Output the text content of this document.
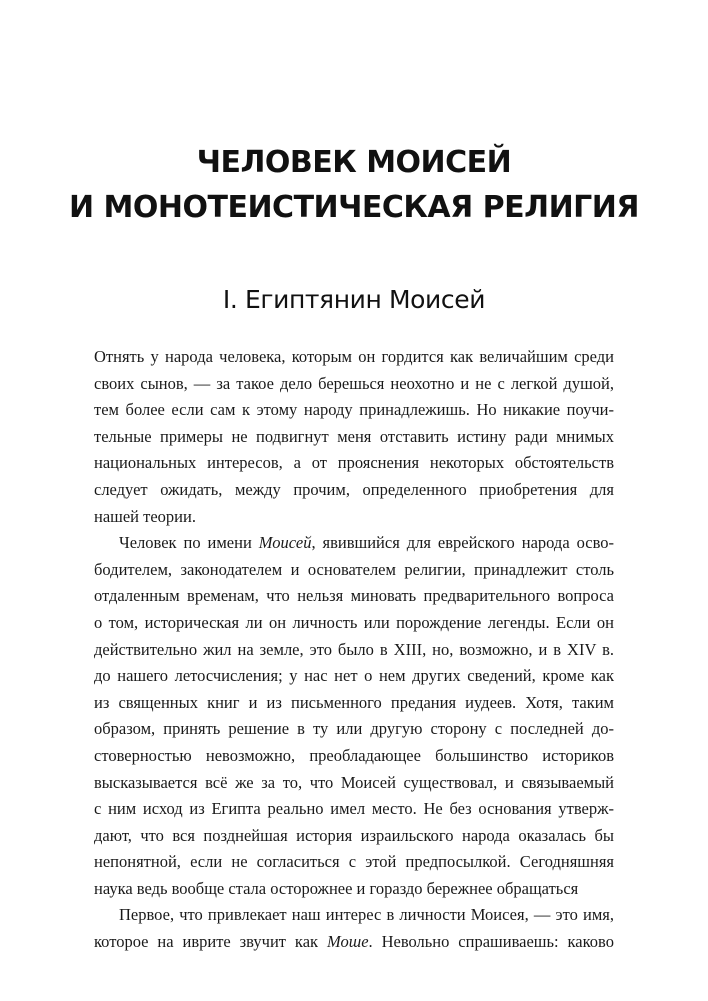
ЧЕЛОВЕК МОИСЕЙ
И МОНОТЕИСТИЧЕСКАЯ РЕЛИГИЯ
I. Египтянин Моисей
Отнять у народа человека, которым он гордится как величайшим среди
своих сынов, — за такое дело берешься неохотно и не с легкой душой,
тем более если сам к этому народу принадлежишь. Но никакие поучи-
тельные примеры не подвигнут меня отставить истину ради мнимых
национальных интересов, а от прояснения некоторых обстоятельств
следует ожидать, между прочим, определенного приобретения для
нашей теории.
Человек по имени Моисей, явившийся для еврейского народа осво-
бодителем, законодателем и основателем религии, принадлежит столь
отдаленным временам, что нельзя миновать предварительного вопроса
о том, историческая ли он личность или порождение легенды. Если он
действительно жил на земле, это было в XIII, но, возможно, и в XIV в.
до нашего летосчисления; у нас нет о нем других сведений, кроме как
из священных книг и из письменного предания иудеев. Хотя, таким
образом, принять решение в ту или другую сторону с последней до-
стоверностью невозможно, преобладающее большинство историков
высказывается всё же за то, что Моисей существовал, и связываемый
с ним исход из Египта реально имел место. Не без основания утверж-
дают, что вся позднейшая история израильского народа оказалась бы
непонятной, если не согласиться с этой предпосылкой. Сегодняшняя
наука ведь вообще стала осторожнее и гораздо бережнее обращаться
Первое, что привлекает наш интерес в личности Моисея, — это имя,
которое на иврите звучит как Моше. Невольно спрашиваешь: каково
